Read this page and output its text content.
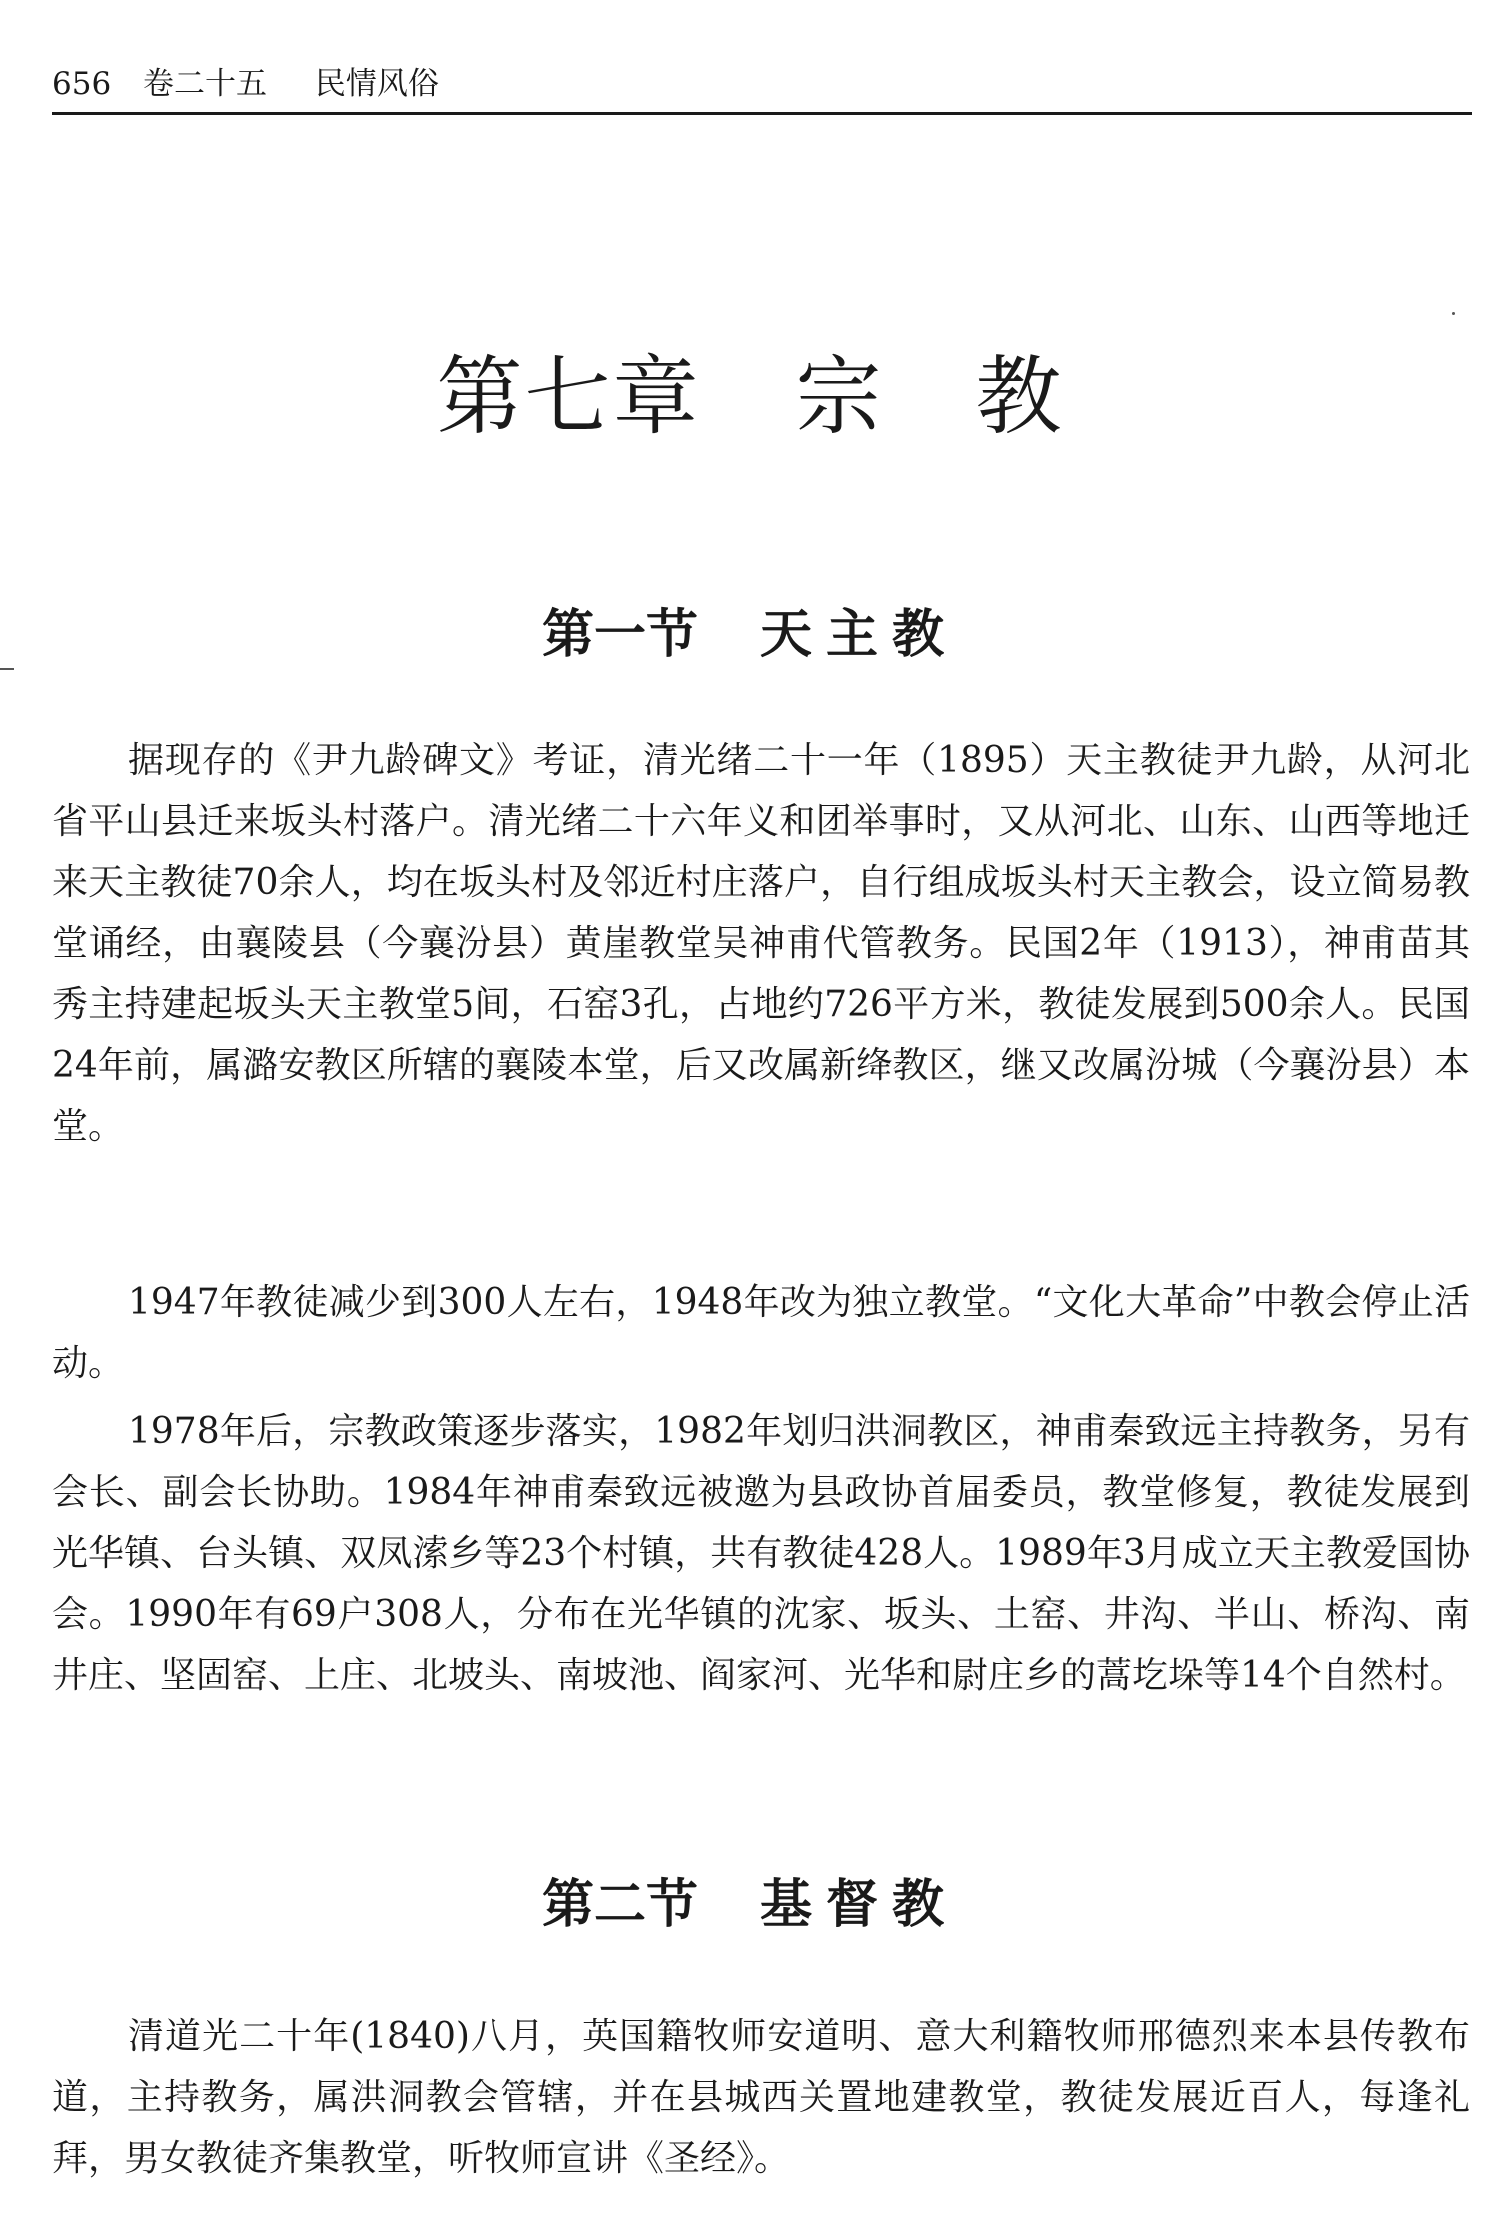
656 卷二十五 民情风俗
第七章 宗 教
第一节 天主教

据现存的《尹九龄碑文》考证，清光绪二十一年（1895）天主教徒尹九龄，从河北省平山县迁来坂头村落户。清光绪二十六年义和团举事时，又从河北、山东、山西等地迁来天主教徒70余人，均在坂头村及邻近村庄落户，自行组成坂头村天主教会，设立简易教堂诵经，由襄陵县（今襄汾县）黄崖教堂吴神甫代管教务。民国2年（1913），神甫苗其秀主持建起坂头天主教堂5间，石窑3孔，占地约726平方米，教徒发展到500余人。民国24年前，属潞安教区所辖的襄陵本堂，后又改属新绛教区，继又改属汾城（今襄汾县）本堂。

1947年教徒减少到300人左右，1948年改为独立教堂。“文化大革命”中教会停止活动。

1978年后，宗教政策逐步落实，1982年划归洪洞教区，神甫秦致远主持教务，另有会长、副会长协助。1984年神甫秦致远被邀为县政协首届委员，教堂修复，教徒发展到光华镇、台头镇、双凤溹乡等23个村镇，共有教徒428人。1989年3月成立天主教爱国协会。1990年有69户308人，分布在光华镇的沈家、坂头、土窑、井沟、半山、桥沟、南井庄、坚固窑、上庄、北坡头、南坡池、阎家河、光华和尉庄乡的蒿圪垛等14个自然村。

第二节 基督教

清道光二十年(1840)八月，英国籍牧师安道明、意大利籍牧师邢德烈来本县传教布道，主持教务，属洪洞教会管辖，并在县城西关置地建教堂，教徒发展近百人，每逢礼拜，男女教徒齐集教堂，听牧师宣讲《圣经》。
